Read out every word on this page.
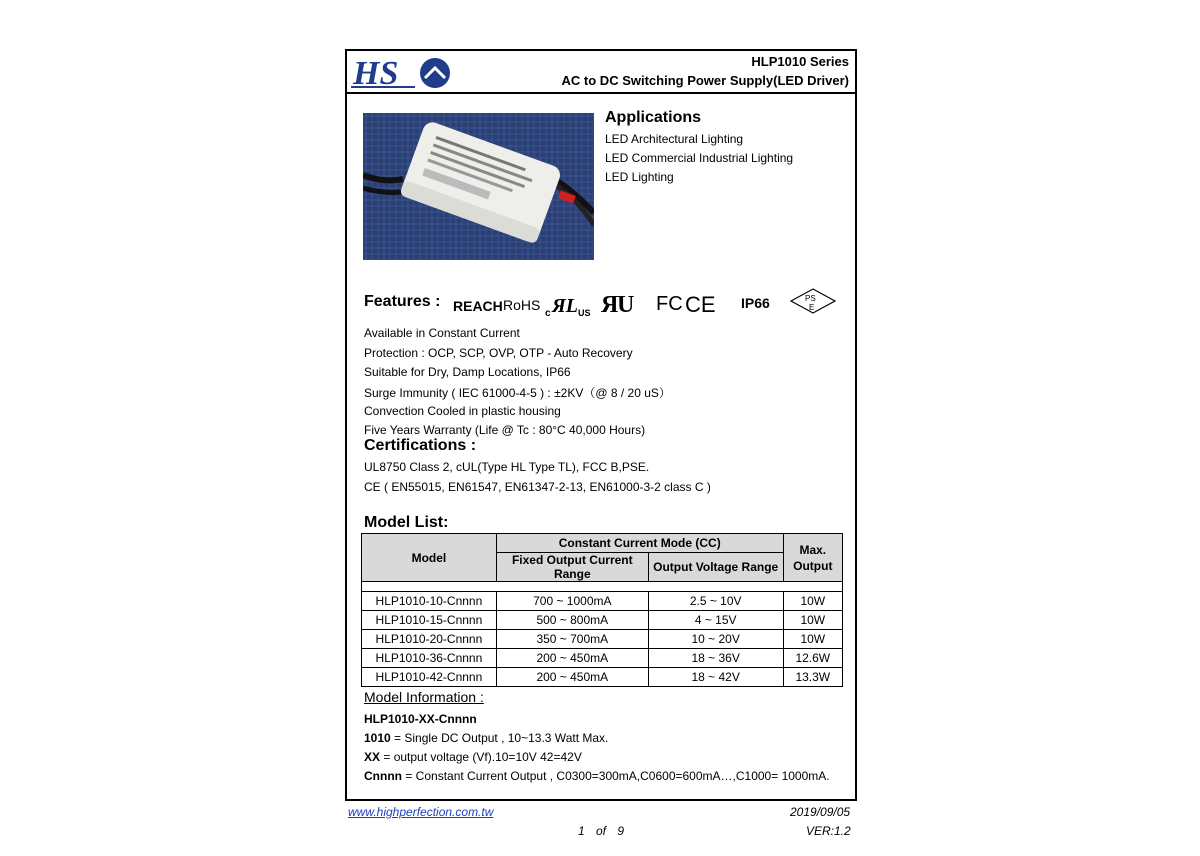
HS	HLP1010 Series
AC to DC Switching Power Supply(LED Driver)
Applications
LED Architectural Lighting
LED Commercial Industrial Lighting
LED Lighting
Features : REACH RoHS
c ЯL US Я
U FC CE IP66	PS
E
Available in Constant Current
Protection : OCP, SCP, OVP, OTP - Auto Recovery
Suitable for Dry, Damp Locations, IP66
Surge Immunity ( IEC 61000-4-5 ) : ±2KV（@ 8 / 20 uS）
Convection Cooled in plastic housing
Five Years Warranty (Life @ Tc : 80°C 40,000 Hours)
Certifications :
UL8750 Class 2, cUL(Type HL Type TL), FCC B,PSE.
CE ( EN55015, EN61547, EN61347-2-13, EN61000-3-2 class C )
Model List:
Model	Constant Current Mode (CC)		Max.
Output
	Fixed Output Current Range	Output Voltage Range	

HLP1010-10-Cnnnn	700 ~ 1000mA	2.5 ~ 10V	10W
HLP1010-15-Cnnnn	500 ~ 800mA	4 ~ 15V	10W
HLP1010-20-Cnnnn	350 ~ 700mA	10 ~ 20V	10W
HLP1010-36-Cnnnn	200 ~ 450mA	18 ~ 36V	12.6W
HLP1010-42-Cnnnn	200 ~ 450mA	18 ~ 42V	13.3W
Model Information :
HLP1010-XX-Cnnnn
1010 = Single DC Output , 10~13.3 Watt Max.
XX = output voltage (Vf).10=10V 42=42V
Cnnnn = Constant Current Output , C0300=300mA,C0600=600mA…,C1000= 1000mA.
www.highperfection.com.tw	2019/09/05
1 of 9	VER:1.2
